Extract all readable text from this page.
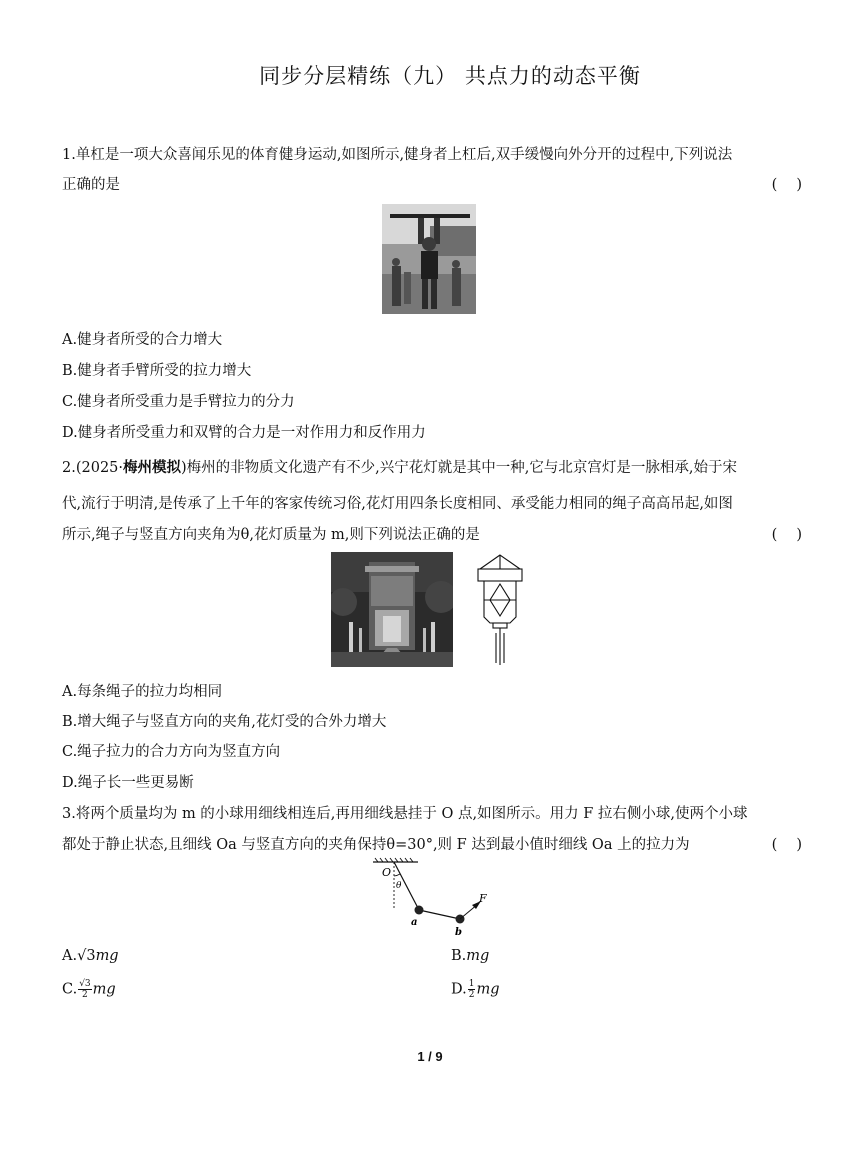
同步分层精练（九） 共点力的动态平衡
1.单杠是一项大众喜闻乐见的体育健身运动,如图所示,健身者上杠后,双手缓慢向外分开的过程中,下列说法
正确的是	(　 )
A.健身者所受的合力增大
B.健身者手臂所受的拉力增大
C.健身者所受重力是手臂拉力的分力
D.健身者所受重力和双臂的合力是一对作用力和反作用力
2.(2025·梅州模拟)梅州的非物质文化遗产有不少,兴宁花灯就是其中一种,它与北京宫灯是一脉相承,始于宋
代,流行于明清,是传承了上千年的客家传统习俗,花灯用四条长度相同、承受能力相同的绳子高高吊起,如图
所示,绳子与竖直方向夹角为θ,花灯质量为 m,则下列说法正确的是	(　 )
A.每条绳子的拉力均相同
B.增大绳子与竖直方向的夹角,花灯受的合外力增大
C.绳子拉力的合力方向为竖直方向
D.绳子长一些更易断
3.将两个质量均为 m 的小球用细线相连后,再用细线悬挂于 O 点,如图所示。用力 F 拉右侧小球,使两个小球
都处于静止状态,且细线 Oa 与竖直方向的夹角保持θ=30°,则 F 达到最小值时细线 Oa 上的拉力为	(　 )
O
θ
a
b
F
A.√3mg	B.mg
C. $\frac{√3}{2}$ mg	D. $\frac{1}{2}$ mg
1 / 9
